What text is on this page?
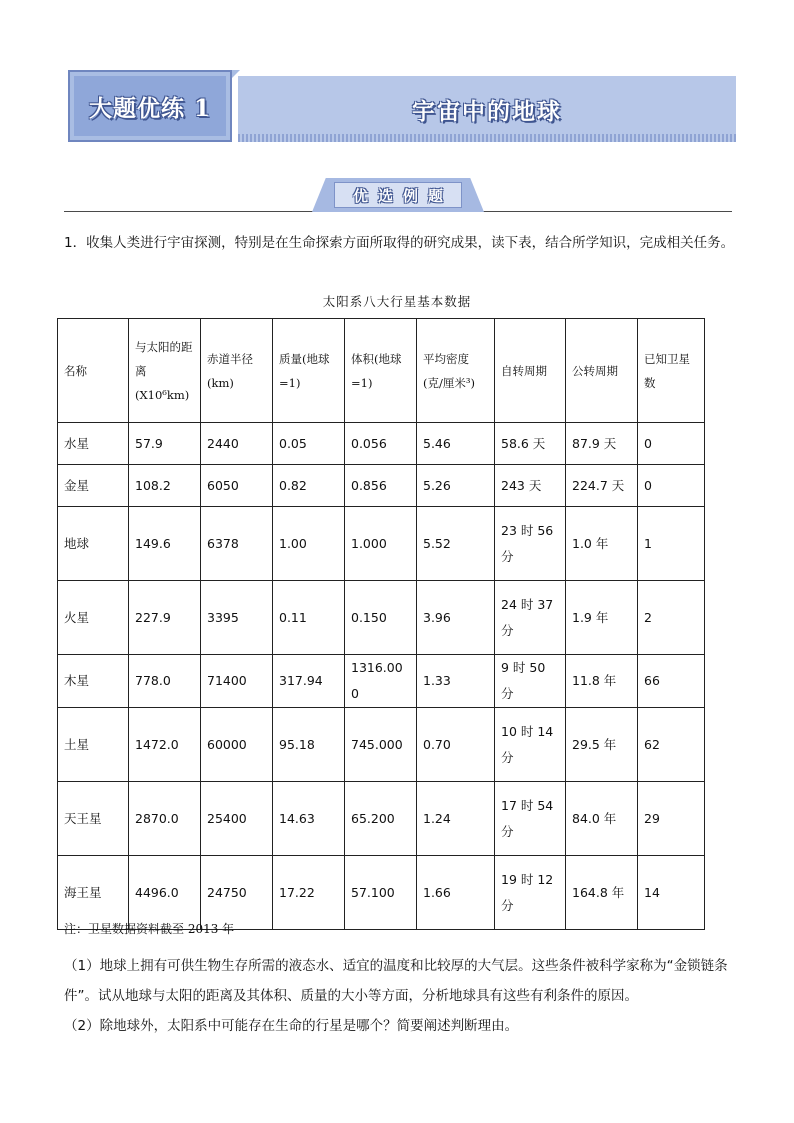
大题优练 1	宇宙中的地球
优选例题
1．收集人类进行宇宙探测，特别是在生命探索方面所取得的研究成果，读下表，结合所学知识，完成相关任务。
太阳系八大行星基本数据
名称	与太阳的距离(X10⁶km)	赤道半径(km)	质量(地球=1)	体积(地球=1)	平均密度(克/厘米³)	自转周期	公转周期	已知卫星数
水星	57.9	2440	0.05	0.056	5.46	58.6 天	87.9 天	0
金星	108.2	6050	0.82	0.856	5.26	243 天	224.7 天	0
地球	149.6	6378	1.00	1.000	5.52	23 时 56 分	1.0 年	1
火星	227.9	3395	0.11	0.150	3.96	24 时 37 分	1.9 年	2
木星	778.0	71400	317.94	1316.000	1.33	9 时 50 分	11.8 年	66
土星	1472.0	60000	95.18	745.000	0.70	10 时 14 分	29.5 年	62
天王星	2870.0	25400	14.63	65.200	1.24	17 时 54 分	84.0 年	29
海王星	4496.0	24750	17.22	57.100	1.66	19 时 12 分	164.8 年	14
注：卫星数据资料截至 2013 年
（1）地球上拥有可供生物生存所需的液态水、适宜的温度和比较厚的大气层。这些条件被科学家称为“金锁链条件”。试从地球与太阳的距离及其体积、质量的大小等方面，分析地球具有这些有利条件的原因。
（2）除地球外，太阳系中可能存在生命的行星是哪个？简要阐述判断理由。
